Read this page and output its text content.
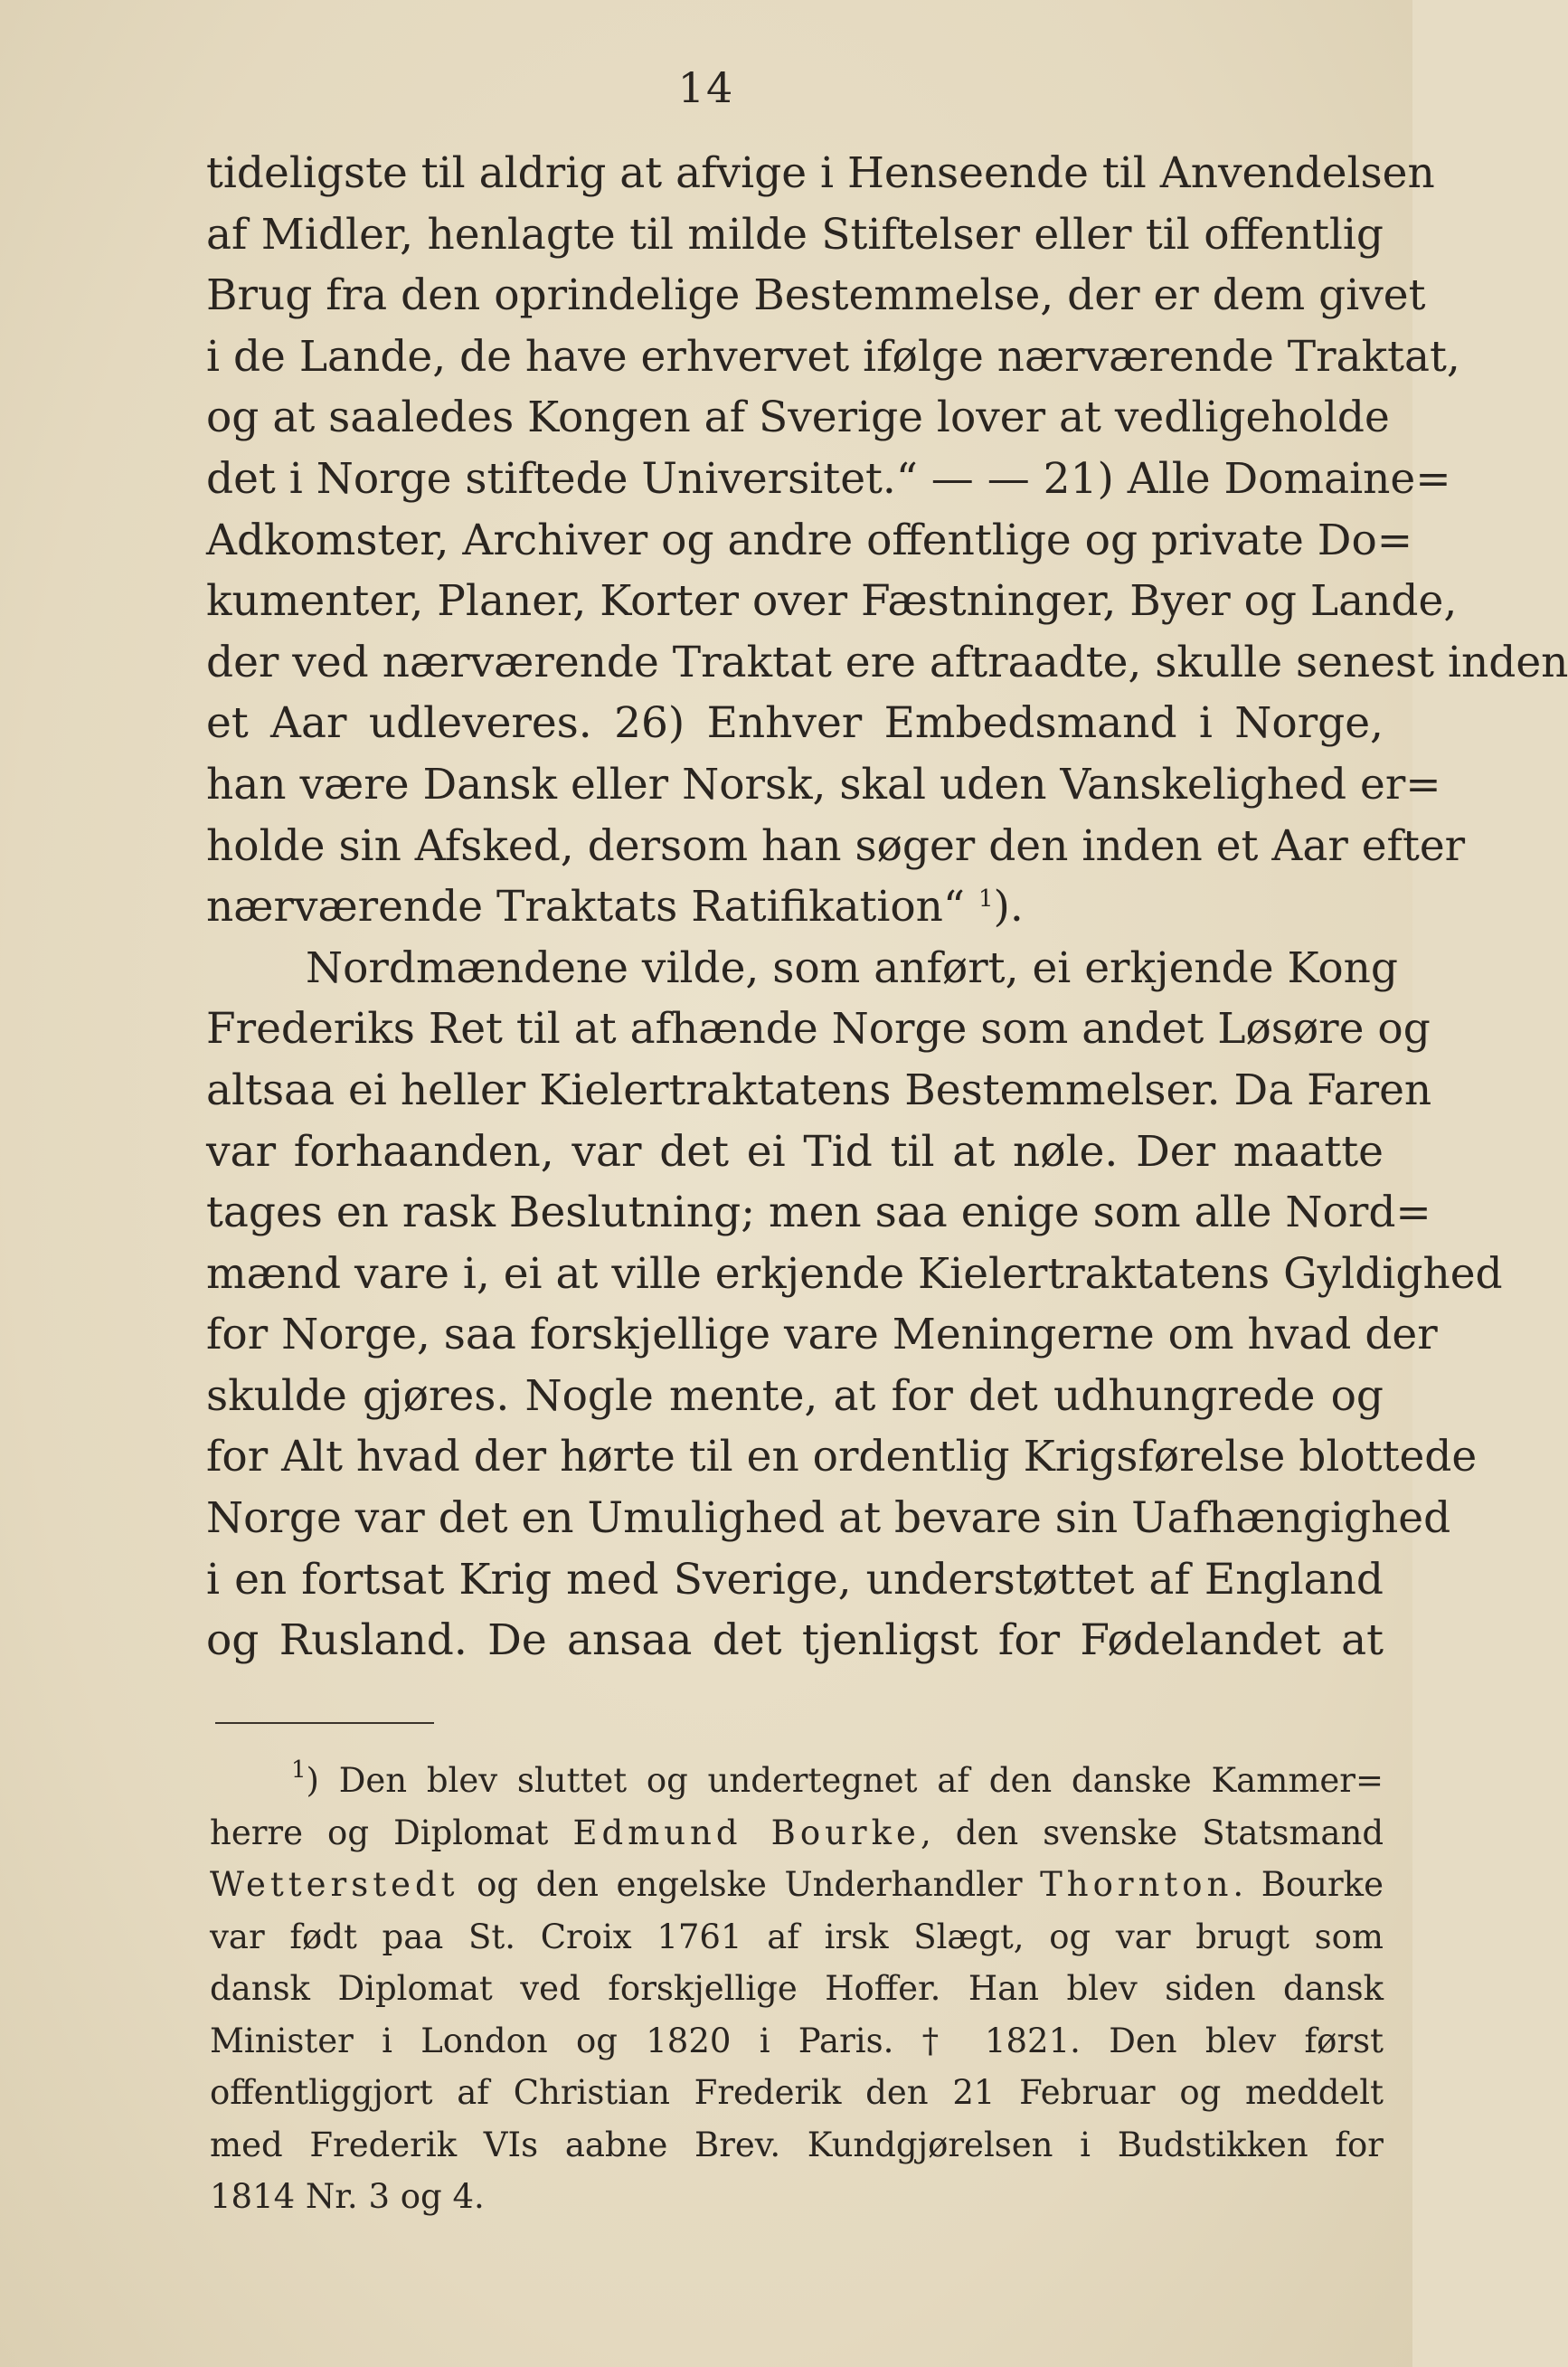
14
tideligste til aldrig at afvige i Henseende til Anvendelsen
af Midler, henlagte til milde Stiftelser eller til offentlig
Brug fra den oprindelige Bestemmelse, der er dem givet
i de Lande, de have erhvervet ifølge nærværende Traktat,
og at saaledes Kongen af Sverige lover at vedligeholde
det i Norge stiftede Universitet.“ — — 21) Alle Domaine=
Adkomster, Archiver og andre offentlige og private Do=
kumenter, Planer, Korter over Fæstninger, Byer og Lande,
der ved nærværende Traktat ere aftraadte, skulle senest inden
et Aar udleveres. 26) Enhver Embedsmand i Norge,
han være Dansk eller Norsk, skal uden Vanskelighed er=
holde sin Afsked, dersom han søger den inden et Aar efter
nærværende Traktats Ratifikation“ $^1$).
Nordmændene vilde, som anført, ei erkjende Kong
Frederiks Ret til at afhænde Norge som andet Løsøre og
altsaa ei heller Kielertraktatens Bestemmelser. Da Faren
var forhaanden, var det ei Tid til at nøle. Der maatte
tages en rask Beslutning; men saa enige som alle Nord=
mænd vare i, ei at ville erkjende Kielertraktatens Gyldighed
for Norge, saa forskjellige vare Meningerne om hvad der
skulde gjøres. Nogle mente, at for det udhungrede og
for Alt hvad der hørte til en ordentlig Krigsførelse blottede
Norge var det en Umulighed at bevare sin Uafhængighed
i en fortsat Krig med Sverige, understøttet af England
og Rusland. De ansaa det tjenligst for Fødelandet at
$^1$) Den blev sluttet og undertegnet af den danske Kammer=
herre og Diplomat Edmund Bourke, den svenske Statsmand
Wetterstedt og den engelske Underhandler Thornton. Bourke
var født paa St. Croix 1761 af irsk Slægt, og var brugt som
dansk Diplomat ved forskjellige Hoffer. Han blev siden dansk
Minister i London og 1820 i Paris. † 1821. Den blev først
offentliggjort af Christian Frederik den 21 Februar og meddelt
med Frederik VIs aabne Brev. Kundgjørelsen i Budstikken for
1814 Nr. 3 og 4.
